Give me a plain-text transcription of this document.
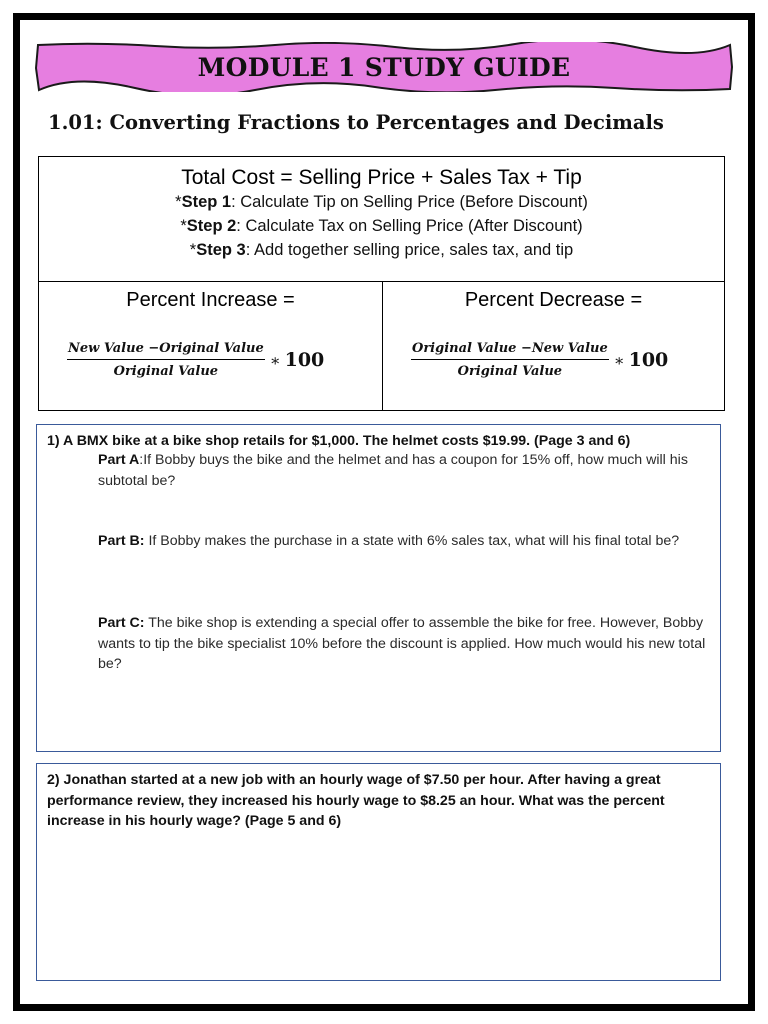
MODULE 1 STUDY GUIDE
1.01: Converting Fractions to Percentages and Decimals
Total Cost = Selling Price + Sales Tax + Tip
*Step 1: Calculate Tip on Selling Price (Before Discount)
*Step 2: Calculate Tax on Selling Price (After Discount)
*Step 3: Add together selling price, sales tax, and tip
Percent Increase =
$\frac{\text{New Value −Original Value}}{\text{Original Value}}$ ∗ 100
Percent Decrease =
$\frac{\text{Original Value −New Value}}{\text{Original Value}}$ ∗ 100
1) A BMX bike at a bike shop retails for $1,000. The helmet costs $19.99. (Page 3 and 6)
Part A:If Bobby buys the bike and the helmet and has a coupon for 15% off, how much will his subtotal be?
Part B: If Bobby makes the purchase in a state with 6% sales tax, what will his final total be?
Part C: The bike shop is extending a special offer to assemble the bike for free. However, Bobby wants to tip the bike specialist 10% before the discount is applied. How much would his new total be?
2) Jonathan started at a new job with an hourly wage of $7.50 per hour. After having a great performance review, they increased his hourly wage to $8.25 an hour. What was the percent increase in his hourly wage? (Page 5 and 6)
